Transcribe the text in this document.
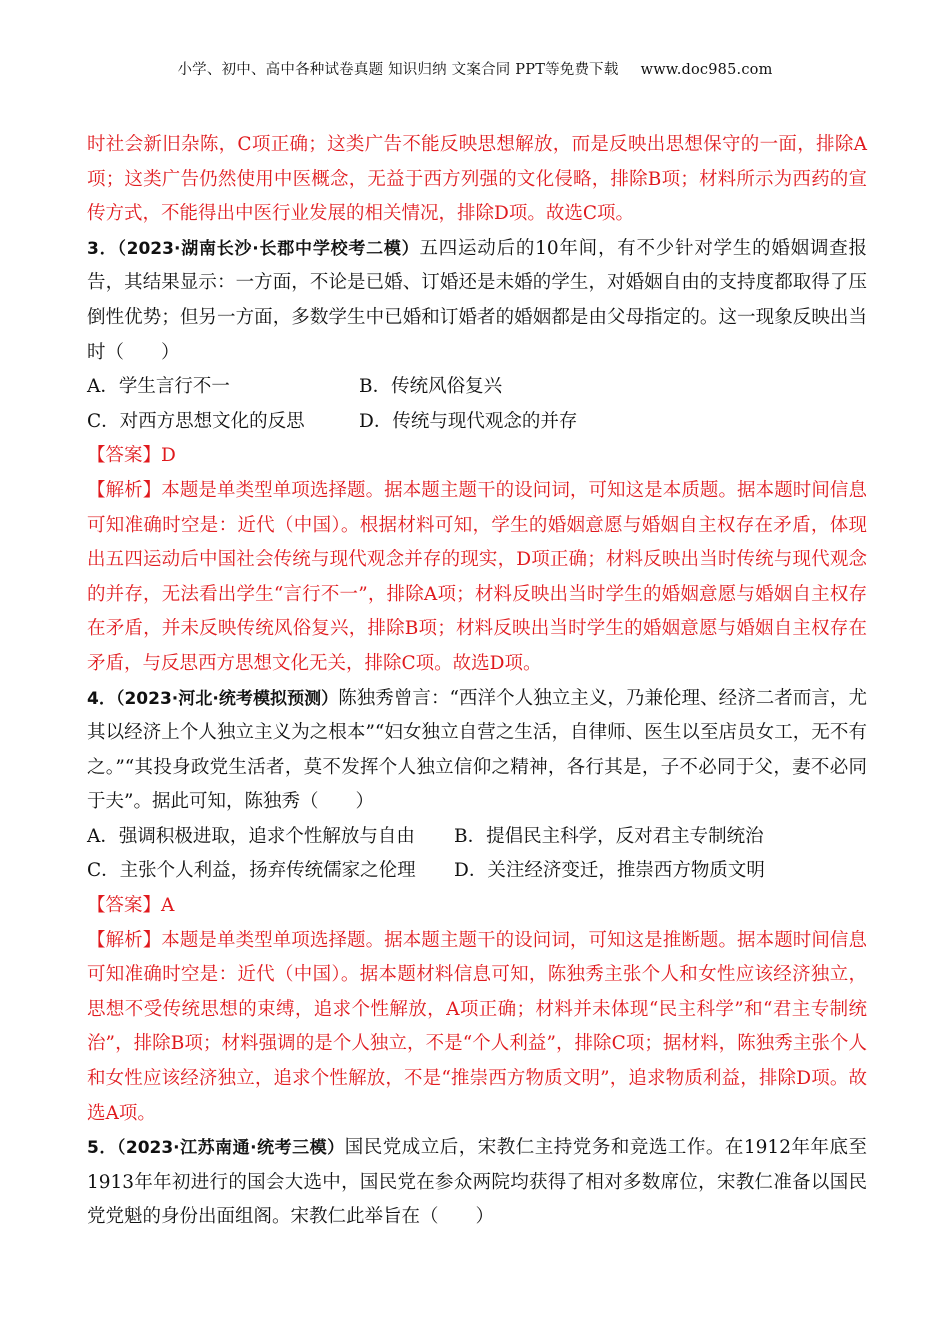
小学、初中、高中各种试卷真题 知识归纳 文案合同 PPT等免费下载 www.doc985.com

时社会新旧杂陈，C项正确；这类广告不能反映思想解放，而是反映出思想保守的一面，排除A项；这类广告仍然使用中医概念，无益于西方列强的文化侵略，排除B项；材料所示为西药的宣传方式，不能得出中医行业发展的相关情况，排除D项。故选C项。

3．（2023·湖南长沙·长郡中学校考二模）五四运动后的10年间，有不少针对学生的婚姻调查报告，其结果显示：一方面，不论是已婚、订婚还是未婚的学生，对婚姻自由的支持度都取得了压倒性优势；但另一方面，多数学生中已婚和订婚者的婚姻都是由父母指定的。这一现象反映出当时（　　）

A．学生言行不一	B．传统风俗复兴
C．对西方思想文化的反思	D．传统与现代观念的并存

【答案】D

【解析】本题是单类型单项选择题。据本题主题干的设问词，可知这是本质题。据本题时间信息可知准确时空是：近代（中国）。根据材料可知，学生的婚姻意愿与婚姻自主权存在矛盾，体现出五四运动后中国社会传统与现代观念并存的现实，D项正确；材料反映出当时传统与现代观念的并存，无法看出学生“言行不一”，排除A项；材料反映出当时学生的婚姻意愿与婚姻自主权存在矛盾，并未反映传统风俗复兴，排除B项；材料反映出当时学生的婚姻意愿与婚姻自主权存在矛盾，与反思西方思想文化无关，排除C项。故选D项。

4．（2023·河北·统考模拟预测）陈独秀曾言：“西洋个人独立主义，乃兼伦理、经济二者而言，尤其以经济上个人独立主义为之根本”“妇女独立自营之生活，自律师、医生以至店员女工，无不有之。”“其投身政党生活者，莫不发挥个人独立信仰之精神，各行其是，子不必同于父，妻不必同于夫”。据此可知，陈独秀（　　）

A．强调积极进取，追求个性解放与自由	B．提倡民主科学，反对君主专制统治
C．主张个人利益，扬弃传统儒家之伦理	D．关注经济变迁，推崇西方物质文明

【答案】A

【解析】本题是单类型单项选择题。据本题主题干的设问词，可知这是推断题。据本题时间信息可知准确时空是：近代（中国）。据本题材料信息可知，陈独秀主张个人和女性应该经济独立，思想不受传统思想的束缚，追求个性解放，A项正确；材料并未体现“民主科学”和“君主专制统治”，排除B项；材料强调的是个人独立，不是“个人利益”，排除C项；据材料，陈独秀主张个人和女性应该经济独立，追求个性解放，不是“推崇西方物质文明”，追求物质利益，排除D项。故选A项。

5．（2023·江苏南通·统考三模）国民党成立后，宋教仁主持党务和竞选工作。在1912年年底至1913年年初进行的国会大选中，国民党在参众两院均获得了相对多数席位，宋教仁准备以国民党党魁的身份出面组阁。宋教仁此举旨在（　　）
